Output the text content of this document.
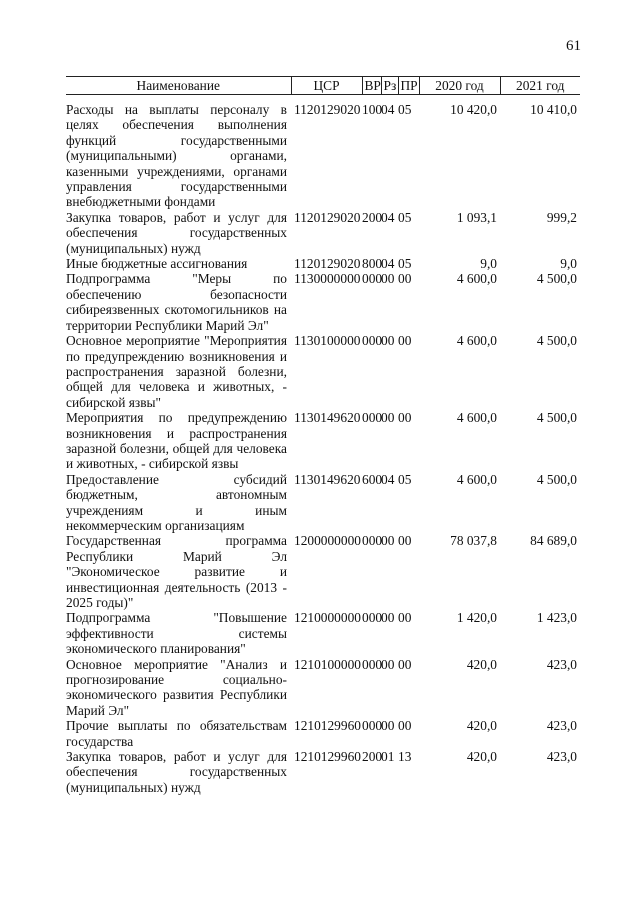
61
Наименование	ЦСР	ВР	Рз	ПР	2020 год	2021 год

Расходы на выплаты персоналу в целях обеспечения выполнения функций государственными (муниципальными) органами, казенными учреждениями, органами управления государственными внебюджетными фондами	1120129020	100	04	05	10 420,0	10 410,0
Закупка товаров, работ и услуг для обеспечения государственных (муниципальных) нужд	1120129020	200	04	05	1 093,1	999,2
Иные бюджетные ассигнования	1120129020	800	04	05	9,0	9,0
Подпрограмма "Меры по обеспечению безопасности сибиреязвенных скотомогильников на территории Республики Марий Эл"	1130000000	000	00	00	4 600,0	4 500,0
Основное мероприятие "Мероприятия по предупреждению возникновения и распространения заразной болезни, общей для человека и животных, - сибирской язвы"	1130100000	000	00	00	4 600,0	4 500,0
Мероприятия по предупреждению возникновения и распространения заразной болезни, общей для человека и животных, - сибирской язвы	1130149620	000	00	00	4 600,0	4 500,0
Предоставление субсидий бюджетным, автономным учреждениям и иным некоммерческим организациям	1130149620	600	04	05	4 600,0	4 500,0
Государственная программа Республики Марий Эл "Экономическое развитие и инвестиционная деятельность (2013 - 2025 годы)"	1200000000	000	00	00	78 037,8	84 689,0
Подпрограмма "Повышение эффективности системы экономического планирования"	1210000000	000	00	00	1 420,0	1 423,0
Основное мероприятие "Анализ и прогнозирование социально-экономического развития Республики Марий Эл"	1210100000	000	00	00	420,0	423,0
Прочие выплаты по обязательствам государства	1210129960	000	00	00	420,0	423,0
Закупка товаров, работ и услуг для обеспечения государственных (муниципальных) нужд	1210129960	200	01	13	420,0	423,0
